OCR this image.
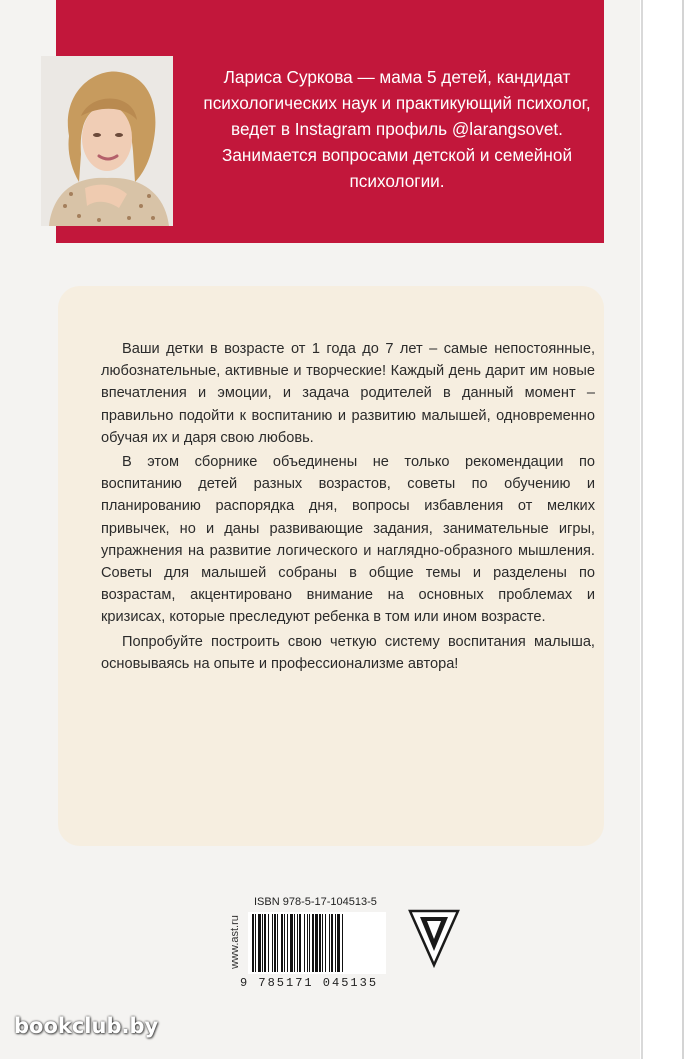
Лариса Суркова — мама 5 детей, кандидат психологических наук и практикующий психолог, ведет в Instagram профиль @larangsovet. Занимается вопросами детской и семейной психологии.

Ваши детки в возрасте от 1 года до 7 лет – самые непостоянные, любознательные, активные и творческие! Каждый день дарит им новые впечатления и эмоции, и задача родителей в данный момент – правильно подойти к воспитанию и развитию малышей, одновременно обучая их и даря свою любовь.

В этом сборнике объединены не только рекомендации по воспитанию детей разных возрастов, советы по обучению и планированию распорядка дня, вопросы избавления от мелких привычек, но и даны развивающие задания, занимательные игры, упражнения на развитие логического и наглядно-образного мышления. Советы для малышей собраны в общие темы и разделены по возрастам, акцентировано внимание на основных проблемах и кризисах, которые преследуют ребенка в том или ином возрасте.

Попробуйте построить свою четкую систему воспитания малыша, основываясь на опыте и профессионализме автора!

www.ast.ru
ISBN 978-5-17-104513-5
9 785171 045135
bookclub.by
